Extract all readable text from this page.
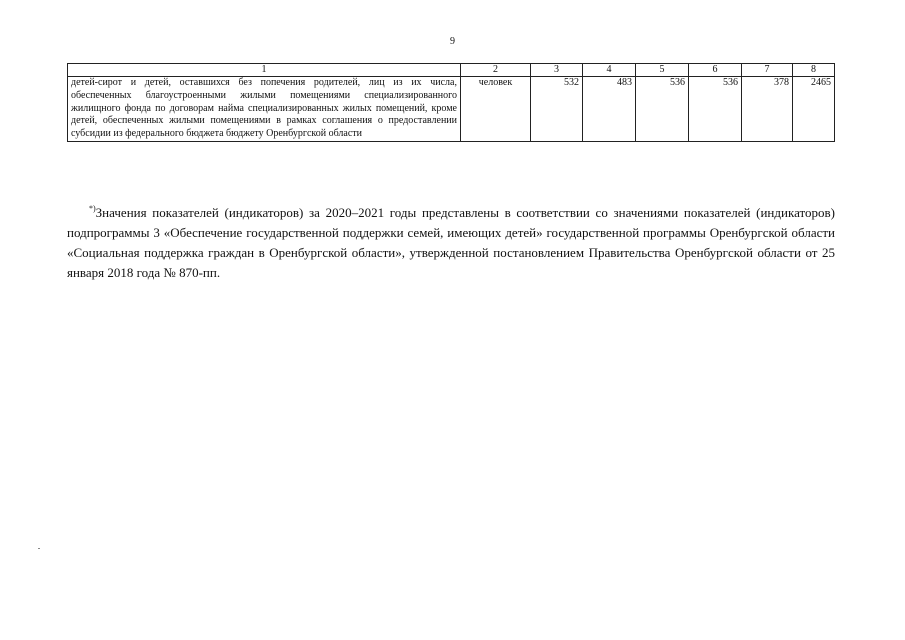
9
1	2	3	4	5	6	7	8
детей-сирот и детей, оставшихся без попечения родителей, лиц из их числа, обеспеченных благоустроенными жилыми помещениями специализированного жилищного фонда по договорам найма специализированных жилых помещений, кроме детей, обеспеченных жилыми помещениями в рамках соглашения о предоставлении субсидии из федерального бюджета бюджету Оренбургской области	человек	532	483	536	536	378	2465

*)Значения показателей (индикаторов) за 2020–2021 годы представлены в соответствии со значениями показателей (индикаторов) подпрограммы 3 «Обеспечение государственной поддержки семей, имеющих детей» государственной программы Оренбургской области «Социальная поддержка граждан в Оренбургской области», утвержденной постановлением Правительства Оренбургской области от 25 января 2018 года № 870-пп.
